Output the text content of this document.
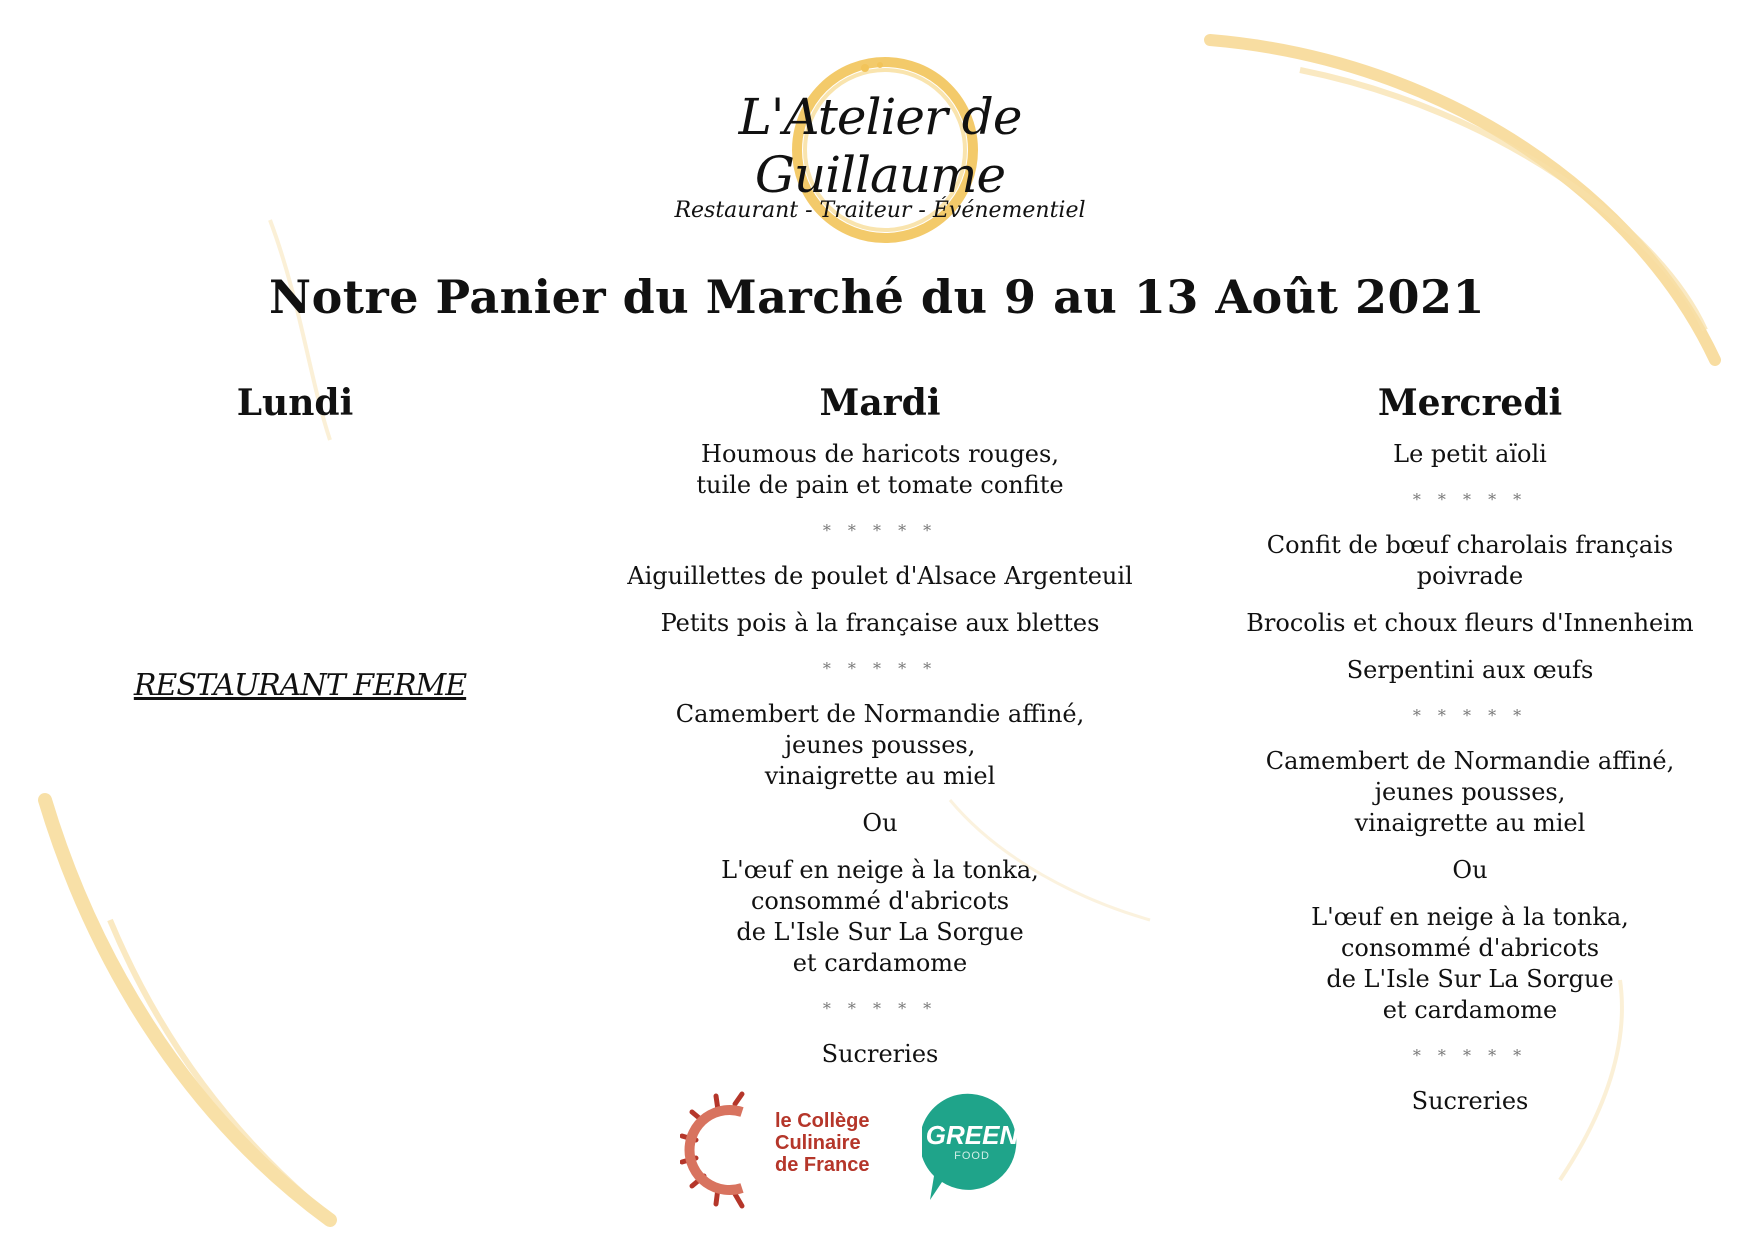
L'Atelier de Guillaume
Restaurant - Traiteur - Événementiel
Notre Panier du Marché du 9 au 13 Août 2021
Lundi
RESTAURANT FERME
Mardi
Houmous de haricots rouges,
tuile de pain et tomate confite
* * * * *
Aiguillettes de poulet d'Alsace Argenteuil
Petits pois à la française aux blettes
* * * * *
Camembert de Normandie affiné,
jeunes pousses,
vinaigrette au miel
Ou
L'œuf en neige à la tonka,
consommé d'abricots
de L'Isle Sur La Sorgue
et cardamome
* * * * *
Sucreries
Mercredi
Le petit aïoli
* * * * *
Confit de bœuf charolais français
poivrade
Brocolis et choux fleurs d'Innenheim
Serpentini aux œufs
* * * * *
Camembert de Normandie affiné,
jeunes pousses,
vinaigrette au miel
Ou
L'œuf en neige à la tonka,
consommé d'abricots
de L'Isle Sur La Sorgue
et cardamome
* * * * *
Sucreries
le Collège
Culinaire
de France
GREEN
FOOD
